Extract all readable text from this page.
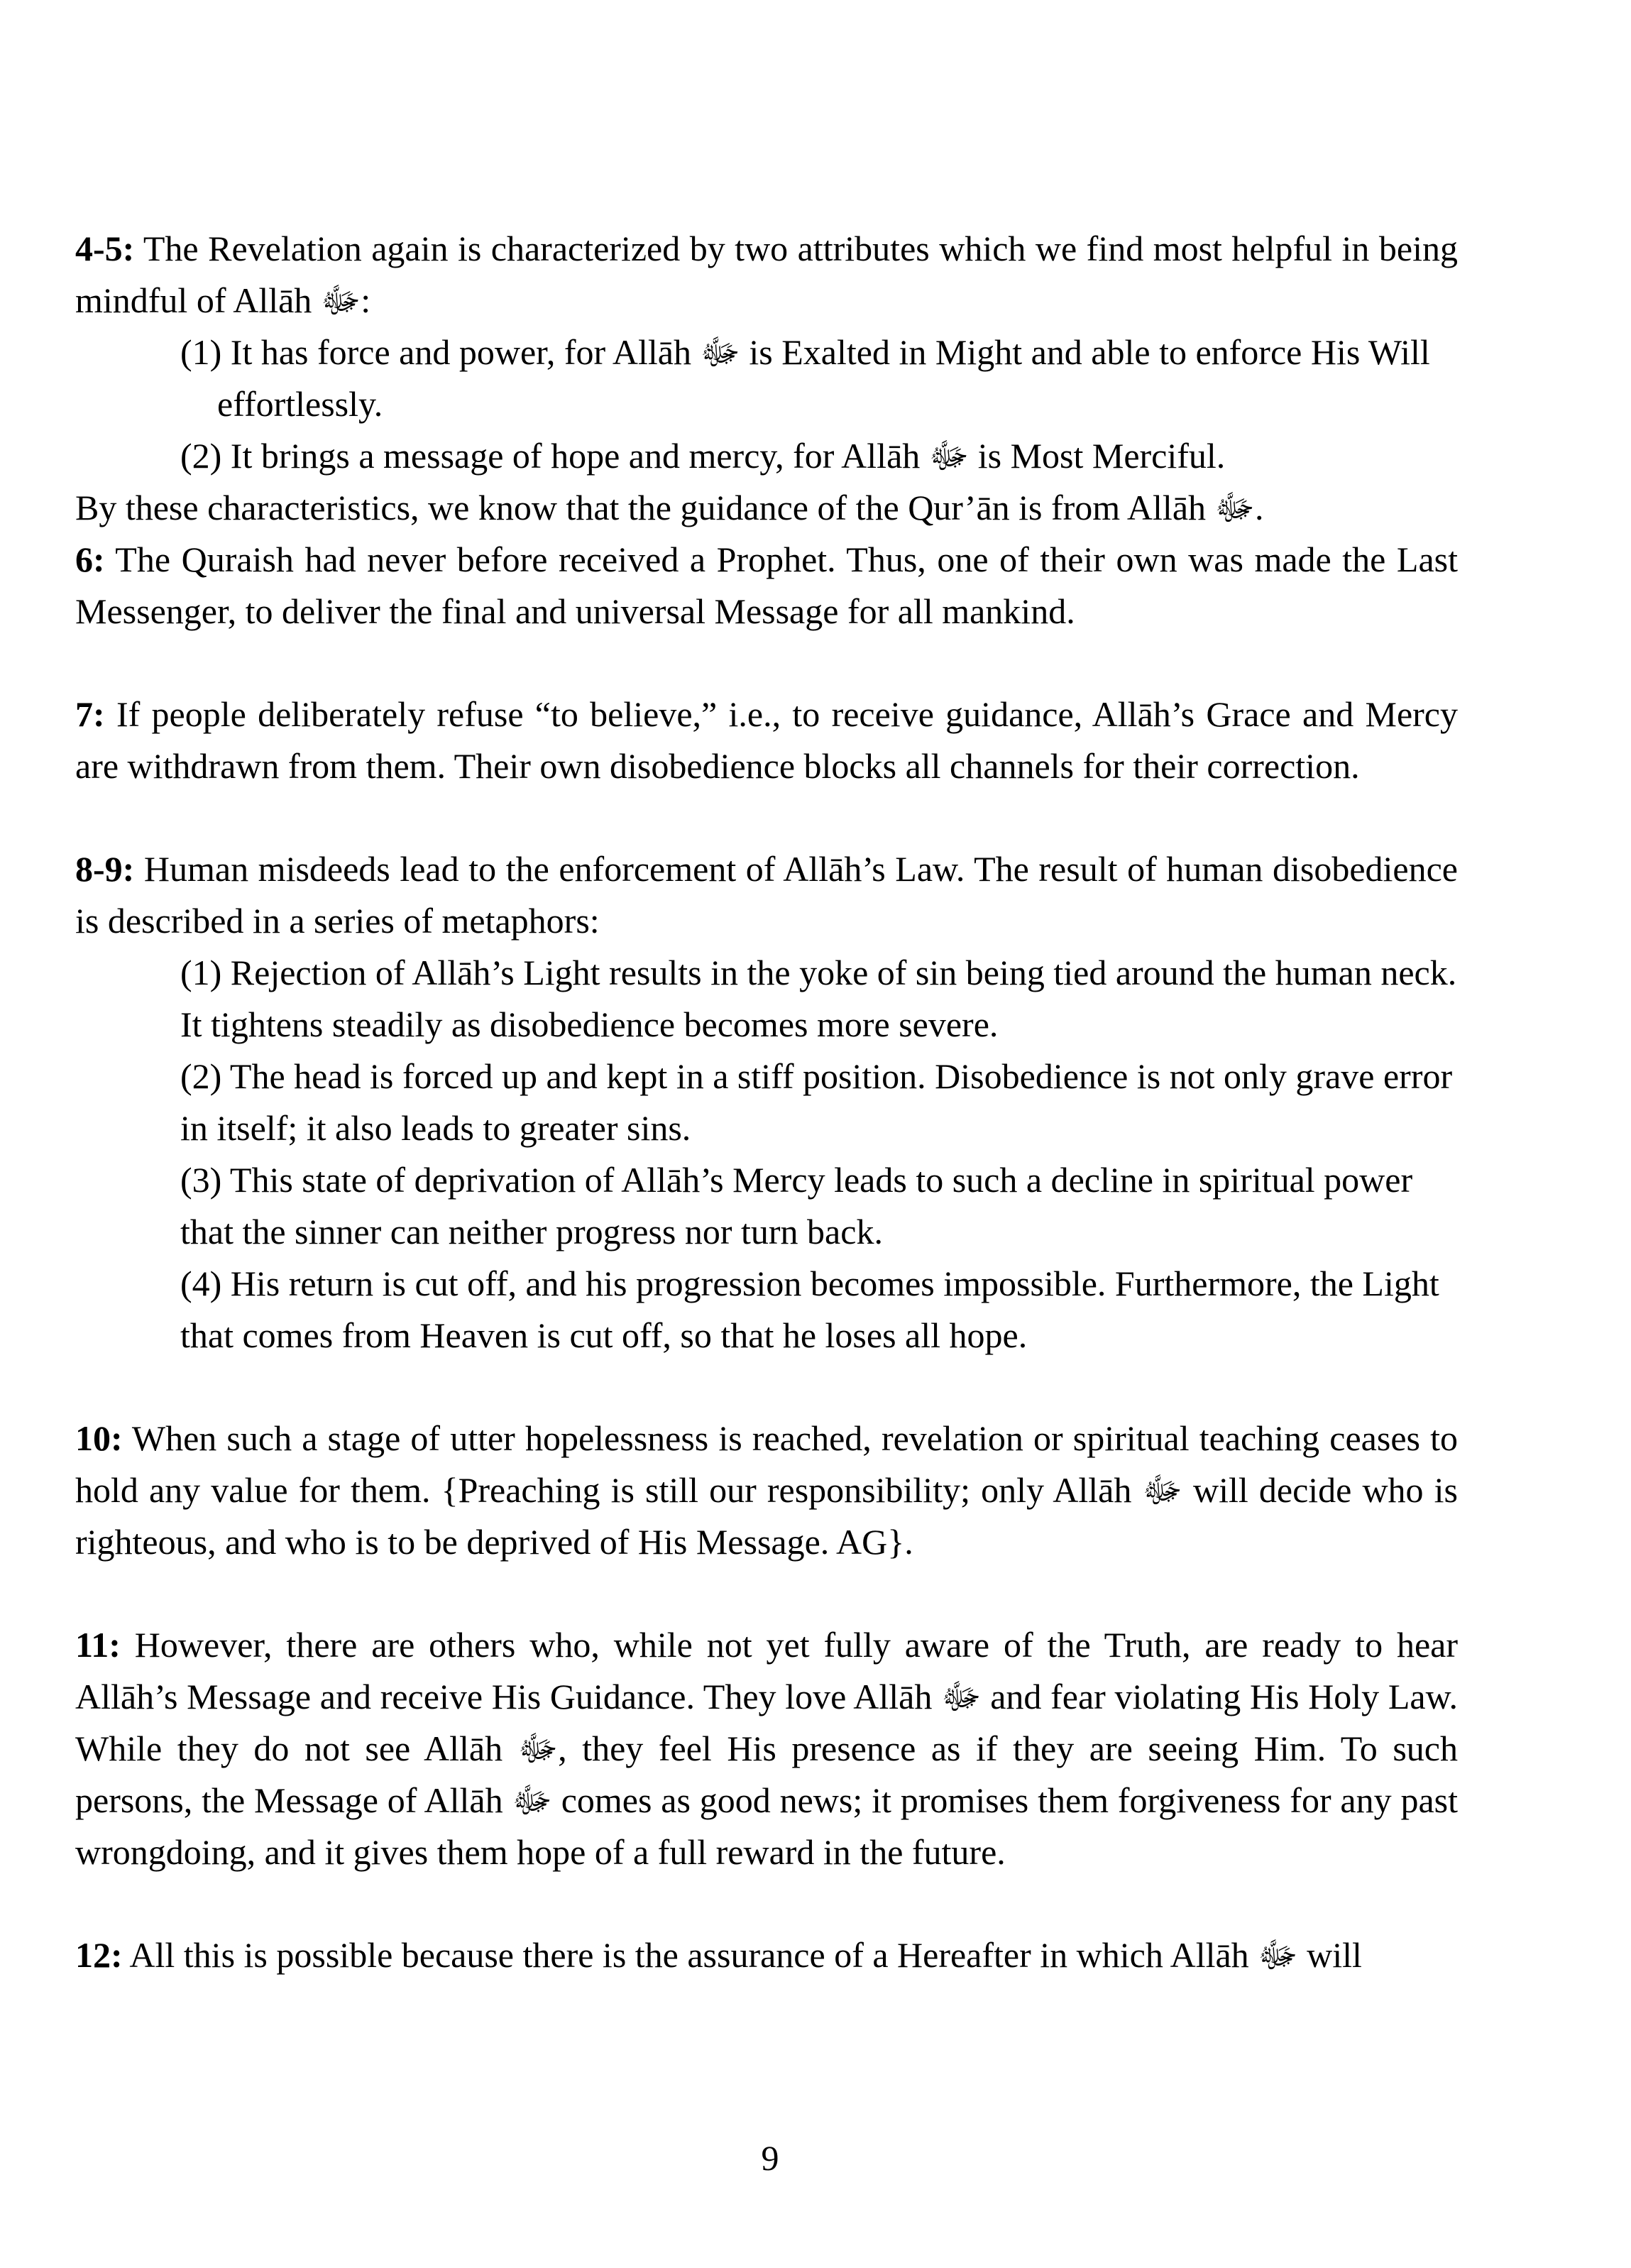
4-5: The Revelation again is characterized by two attributes which we find most helpful in being mindful of Allāh ﷻ:

(1) It has force and power, for Allāh ﷻ is Exalted in Might and able to enforce His Will effortlessly.

(2) It brings a message of hope and mercy, for Allāh ﷻ is Most Merciful.

By these characteristics, we know that the guidance of the Qur’ān is from Allāh ﷻ.

6: The Quraish had never before received a Prophet. Thus, one of their own was made the Last Messenger, to deliver the final and universal Message for all mankind.

7: If people deliberately refuse “to believe,” i.e., to receive guidance, Allāh’s Grace and Mercy are withdrawn from them. Their own disobedience blocks all channels for their correction.

8-9: Human misdeeds lead to the enforcement of Allāh’s Law. The result of human disobedience is described in a series of metaphors:

(1) Rejection of Allāh’s Light results in the yoke of sin being tied around the human neck. It tightens steadily as disobedience becomes more severe.

(2) The head is forced up and kept in a stiff position. Disobedience is not only grave error in itself; it also leads to greater sins.

(3) This state of deprivation of Allāh’s Mercy leads to such a decline in spiritual power that the sinner can neither progress nor turn back.

(4) His return is cut off, and his progression becomes impossible. Furthermore, the Light that comes from Heaven is cut off, so that he loses all hope.

10: When such a stage of utter hopelessness is reached, revelation or spiritual teaching ceases to hold any value for them. {Preaching is still our responsibility; only Allāh ﷻ will decide who is righteous, and who is to be deprived of His Message. AG}.

11: However, there are others who, while not yet fully aware of the Truth, are ready to hear Allāh’s Message and receive His Guidance. They love Allāh ﷻ and fear violating His Holy Law. While they do not see Allāh ﷻ, they feel His presence as if they are seeing Him. To such persons, the Message of Allāh ﷻ comes as good news; it promises them forgiveness for any past wrongdoing, and it gives them hope of a full reward in the future.

12: All this is possible because there is the assurance of a Hereafter in which Allāh ﷻ will

9
